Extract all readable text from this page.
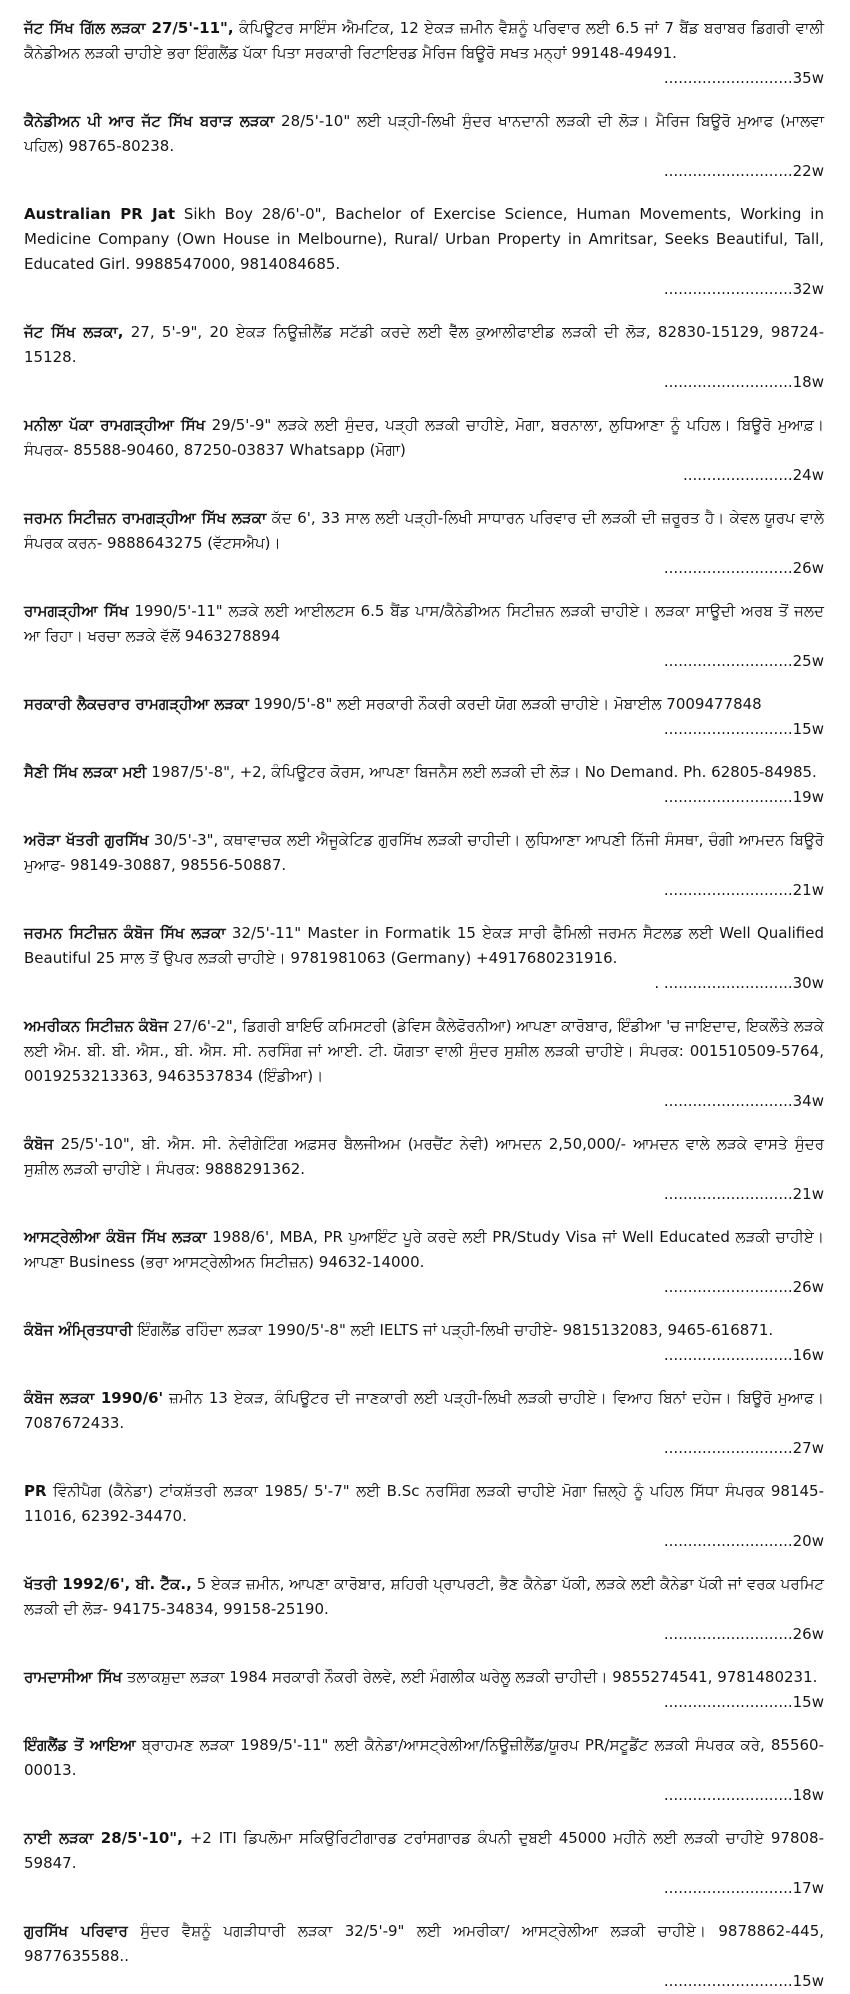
ਜੱਟ ਸਿੱਖ ਗਿੱਲ ਲੜਕਾ 27/5'-11", ਕੰਪਿਊਟਰ ਸਾਇੰਸ ਐਮਟਿਕ, 12 ਏਕੜ ਜ਼ਮੀਨ ਵੈਸ਼ਨੂੰ ਪਰਿਵਾਰ ਲਈ 6.5 ਜਾਂ 7 ਬੈਂਡ ਬਰਾਬਰ ਡਿਗਰੀ ਵਾਲੀ ਕੈਨੇਡੀਅਨ ਲੜਕੀ ਚਾਹੀਏ ਭਰਾ ਇੰਗਲੈਂਡ ਪੱਕਾ ਪਿਤਾ ਸਰਕਾਰੀ ਰਿਟਾਇਰਡ ਮੈਰਿਜ ਬਿਊਰੋ ਸਖਤ ਮਨ੍ਹਾਂ 99148-49491.
........................... 35w
ਕੈਨੇਡੀਅਨ ਪੀ ਆਰ ਜੱਟ ਸਿੱਖ ਬਰਾੜ ਲੜਕਾ 28/5'-10" ਲਈ ਪੜ੍ਹੀ-ਲਿਖੀ ਸੁੰਦਰ ਖਾਨਦਾਨੀ ਲੜਕੀ ਦੀ ਲੋੜ। ਮੈਰਿਜ ਬਿਊਰੋ ਮੁਆਫ (ਮਾਲਵਾ ਪਹਿਲ) 98765-80238.
........................... 22w
Australian PR Jat Sikh Boy 28/6'-0", Bachelor of Exercise Science, Human Movements, Working in Medicine Company (Own House in Melbourne), Rural/ Urban Property in Amritsar, Seeks Beautiful, Tall, Educated Girl. 9988547000, 9814084685.
........................... 32w
ਜੱਟ ਸਿੱਖ ਲੜਕਾ, 27, 5'-9", 20 ਏਕੜ ਨਿਊਜ਼ੀਲੈਂਡ ਸਟੱਡੀ ਕਰਦੇ ਲਈ ਵੈੱਲ ਕੁਆਲੀਫਾਈਡ ਲੜਕੀ ਦੀ ਲੋੜ, 82830-15129, 98724-15128.
........................... 18w
ਮਨੀਲਾ ਪੱਕਾ ਰਾਮਗੜ੍ਹੀਆ ਸਿੱਖ 29/5'-9" ਲੜਕੇ ਲਈ ਸੁੰਦਰ, ਪੜ੍ਹੀ ਲੜਕੀ ਚਾਹੀਏ, ਮੋਗਾ, ਬਰਨਾਲਾ, ਲੁਧਿਆਣਾ ਨੂੰ ਪਹਿਲ। ਬਿਊਰੋ ਮੁਆਫ਼। ਸੰਪਰਕ- 85588-90460, 87250-03837 Whatsapp (ਮੋਗਾ)
....................... 24w
ਜਰਮਨ ਸਿਟੀਜ਼ਨ ਰਾਮਗੜ੍ਹੀਆ ਸਿੱਖ ਲੜਕਾ ਕੱਦ 6', 33 ਸਾਲ ਲਈ ਪੜ੍ਹੀ-ਲਿਖੀ ਸਾਧਾਰਨ ਪਰਿਵਾਰ ਦੀ ਲੜਕੀ ਦੀ ਜ਼ਰੂਰਤ ਹੈ। ਕੇਵਲ ਯੂਰਪ ਵਾਲੇ ਸੰਪਰਕ ਕਰਨ- 9888643275 (ਵੱਟਸਐਪ)।
........................... 26w
ਰਾਮਗੜ੍ਹੀਆ ਸਿੱਖ 1990/5'-11" ਲੜਕੇ ਲਈ ਆਈਲਟਸ 6.5 ਬੈਂਡ ਪਾਸ/ਕੈਨੇਡੀਅਨ ਸਿਟੀਜ਼ਨ ਲੜਕੀ ਚਾਹੀਏ। ਲੜਕਾ ਸਾਊਦੀ ਅਰਬ ਤੋਂ ਜਲਦ ਆ ਰਿਹਾ। ਖਰਚਾ ਲੜਕੇ ਵੱਲੋਂ 9463278894
........................... 25w
ਸਰਕਾਰੀ ਲੈਕਚਰਾਰ ਰਾਮਗੜ੍ਹੀਆ ਲੜਕਾ 1990/5'-8" ਲਈ ਸਰਕਾਰੀ ਨੌਕਰੀ ਕਰਦੀ ਯੋਗ ਲੜਕੀ ਚਾਹੀਏ। ਮੋਬਾਈਲ 7009477848
........................... 15w
ਸੈਣੀ ਸਿੱਖ ਲੜਕਾ ਮਈ 1987/5'-8", +2, ਕੰਪਿਊਟਰ ਕੋਰਸ, ਆਪਣਾ ਬਿਜਨੈਸ ਲਈ ਲੜਕੀ ਦੀ ਲੋੜ। No Demand. Ph. 62805-84985.
........................... 19w
ਅਰੋੜਾ ਖੱਤਰੀ ਗੁਰਸਿੱਖ 30/5'-3", ਕਥਾਵਾਚਕ ਲਈ ਐਜੂਕੇਟਿਡ ਗੁਰਸਿੱਖ ਲੜਕੀ ਚਾਹੀਦੀ। ਲੁਧਿਆਣਾ ਆਪਣੀ ਨਿੱਜੀ ਸੰਸਥਾ, ਚੰਗੀ ਆਮਦਨ ਬਿਊਰੋ ਮੁਆਫ- 98149-30887, 98556-50887.
........................... 21w
ਜਰਮਨ ਸਿਟੀਜ਼ਨ ਕੰਬੋਜ ਸਿੱਖ ਲੜਕਾ 32/5'-11" Master in Formatik 15 ਏਕੜ ਸਾਰੀ ਫੈਮਿਲੀ ਜਰਮਨ ਸੈਟਲਡ ਲਈ Well Qualified Beautiful 25 ਸਾਲ ਤੋਂ ਉਪਰ ਲੜਕੀ ਚਾਹੀਏ। 9781981063 (Germany) +4917680231916.
. ........................... 30w
ਅਮਰੀਕਨ ਸਿਟੀਜ਼ਨ ਕੰਬੋਜ 27/6'-2", ਡਿਗਰੀ ਬਾਇਓ ਕਮਿਸਟਰੀ (ਡੇਵਿਸ ਕੈਲੇਫੋਰਨੀਆ) ਆਪਣਾ ਕਾਰੋਬਾਰ, ਇੰਡੀਆ 'ਚ ਜਾਇਦਾਦ, ਇਕਲੌਤੇ ਲੜਕੇ ਲਈ ਐਮ. ਬੀ. ਬੀ. ਐਸ., ਬੀ. ਐਸ. ਸੀ. ਨਰਸਿੰਗ ਜਾਂ ਆਈ. ਟੀ. ਯੋਗਤਾ ਵਾਲੀ ਸੁੰਦਰ ਸੁਸ਼ੀਲ ਲੜਕੀ ਚਾਹੀਏ। ਸੰਪਰਕ: 001510509-5764, 0019253213363, 9463537834 (ਇੰਡੀਆ)।
........................... 34w
ਕੰਬੋਜ 25/5'-10", ਬੀ. ਐਸ. ਸੀ. ਨੇਵੀਗੇਟਿੰਗ ਅਫ਼ਸਰ ਬੈਲਜੀਅਮ (ਮਰਚੈਂਟ ਨੇਵੀ) ਆਮਦਨ 2,50,000/- ਆਮਦਨ ਵਾਲੇ ਲੜਕੇ ਵਾਸਤੇ ਸੁੰਦਰ ਸੁਸ਼ੀਲ ਲੜਕੀ ਚਾਹੀਏ। ਸੰਪਰਕ: 9888291362.
........................... 21w
ਆਸਟ੍ਰੇਲੀਆ ਕੰਬੋਜ ਸਿੱਖ ਲੜਕਾ 1988/6', MBA, PR ਪੁਆਇੰਟ ਪੂਰੇ ਕਰਦੇ ਲਈ PR/Study Visa ਜਾਂ Well Educated ਲੜਕੀ ਚਾਹੀਏ। ਆਪਣਾ Business (ਭਰਾ ਆਸਟ੍ਰੇਲੀਅਨ ਸਿਟੀਜ਼ਨ) 94632-14000.
........................... 26w
ਕੰਬੋਜ ਅੰਮ੍ਰਿਤਧਾਰੀ ਇੰਗਲੈਂਡ ਰਹਿੰਦਾ ਲੜਕਾ 1990/5'-8" ਲਈ IELTS ਜਾਂ ਪੜ੍ਹੀ-ਲਿਖੀ ਚਾਹੀਏ- 9815132083, 9465-616871.
........................... 16w
ਕੰਬੋਜ ਲੜਕਾ 1990/6' ਜ਼ਮੀਨ 13 ਏਕੜ, ਕੰਪਿਊਟਰ ਦੀ ਜਾਣਕਾਰੀ ਲਈ ਪੜ੍ਹੀ-ਲਿਖੀ ਲੜਕੀ ਚਾਹੀਏ। ਵਿਆਹ ਬਿਨਾਂ ਦਹੇਜ। ਬਿਊਰੋ ਮੁਆਫ। 7087672433.
........................... 27w
PR ਵਿੰਨੀਪੈਗ (ਕੈਨੇਡਾ) ਟਾਂਕਸ਼ੱਤਰੀ ਲੜਕਾ 1985/ 5'-7" ਲਈ B.Sc ਨਰਸਿੰਗ ਲੜਕੀ ਚਾਹੀਏ ਮੋਗਾ ਜ਼ਿਲ੍ਹੇ ਨੂੰ ਪਹਿਲ ਸਿੱਧਾ ਸੰਪਰਕ 98145-11016, 62392-34470.
........................... 20w
ਖੱਤਰੀ 1992/6', ਬੀ. ਟੈੱਕ., 5 ਏਕੜ ਜ਼ਮੀਨ, ਆਪਣਾ ਕਾਰੋਬਾਰ, ਸ਼ਹਿਰੀ ਪ੍ਰਾਪਰਟੀ, ਭੈਣ ਕੈਨੇਡਾ ਪੱਕੀ, ਲੜਕੇ ਲਈ ਕੈਨੇਡਾ ਪੱਕੀ ਜਾਂ ਵਰਕ ਪਰਮਿਟ ਲੜਕੀ ਦੀ ਲੋੜ- 94175-34834, 99158-25190.
........................... 26w
ਰਾਮਦਾਸੀਆ ਸਿੱਖ ਤਲਾਕਸ਼ੁਦਾ ਲੜਕਾ 1984 ਸਰਕਾਰੀ ਨੌਕਰੀ ਰੇਲਵੇ, ਲਈ ਮੰਗਲੀਕ ਘਰੇਲੂ ਲੜਕੀ ਚਾਹੀਦੀ। 9855274541, 9781480231.
........................... 15w
ਇੰਗਲੈਂਡ ਤੋਂ ਆਇਆ ਬ੍ਰਾਹਮਣ ਲੜਕਾ 1989/5'-11" ਲਈ ਕੈਨੇਡਾ/ਆਸਟ੍ਰੇਲੀਆ/ਨਿਊਜ਼ੀਲੈਂਡ/ਯੂਰਪ PR/ਸਟੂਡੈਂਟ ਲੜਕੀ ਸੰਪਰਕ ਕਰੇ, 85560-00013.
........................... 18w
ਨਾਈ ਲੜਕਾ 28/5'-10", +2 ITI ਡਿਪਲੋਮਾ ਸਕਿਉਰਿਟੀਗਾਰਡ ਟਰਾਂਸਗਾਰਡ ਕੰਪਨੀ ਦੁਬਈ 45000 ਮਹੀਨੇ ਲਈ ਲੜਕੀ ਚਾਹੀਏ 97808-59847.
........................... 17w
ਗੁਰਸਿੱਖ ਪਰਿਵਾਰ ਸੁੰਦਰ ਵੈਸ਼ਨੂੰ ਪਗੜੀਧਾਰੀ ਲੜਕਾ 32/5'-9" ਲਈ ਅਮਰੀਕਾ/ ਆਸਟ੍ਰੇਲੀਆ ਲੜਕੀ ਚਾਹੀਏ। 9878862-445, 9877635588..
........................... 15w
